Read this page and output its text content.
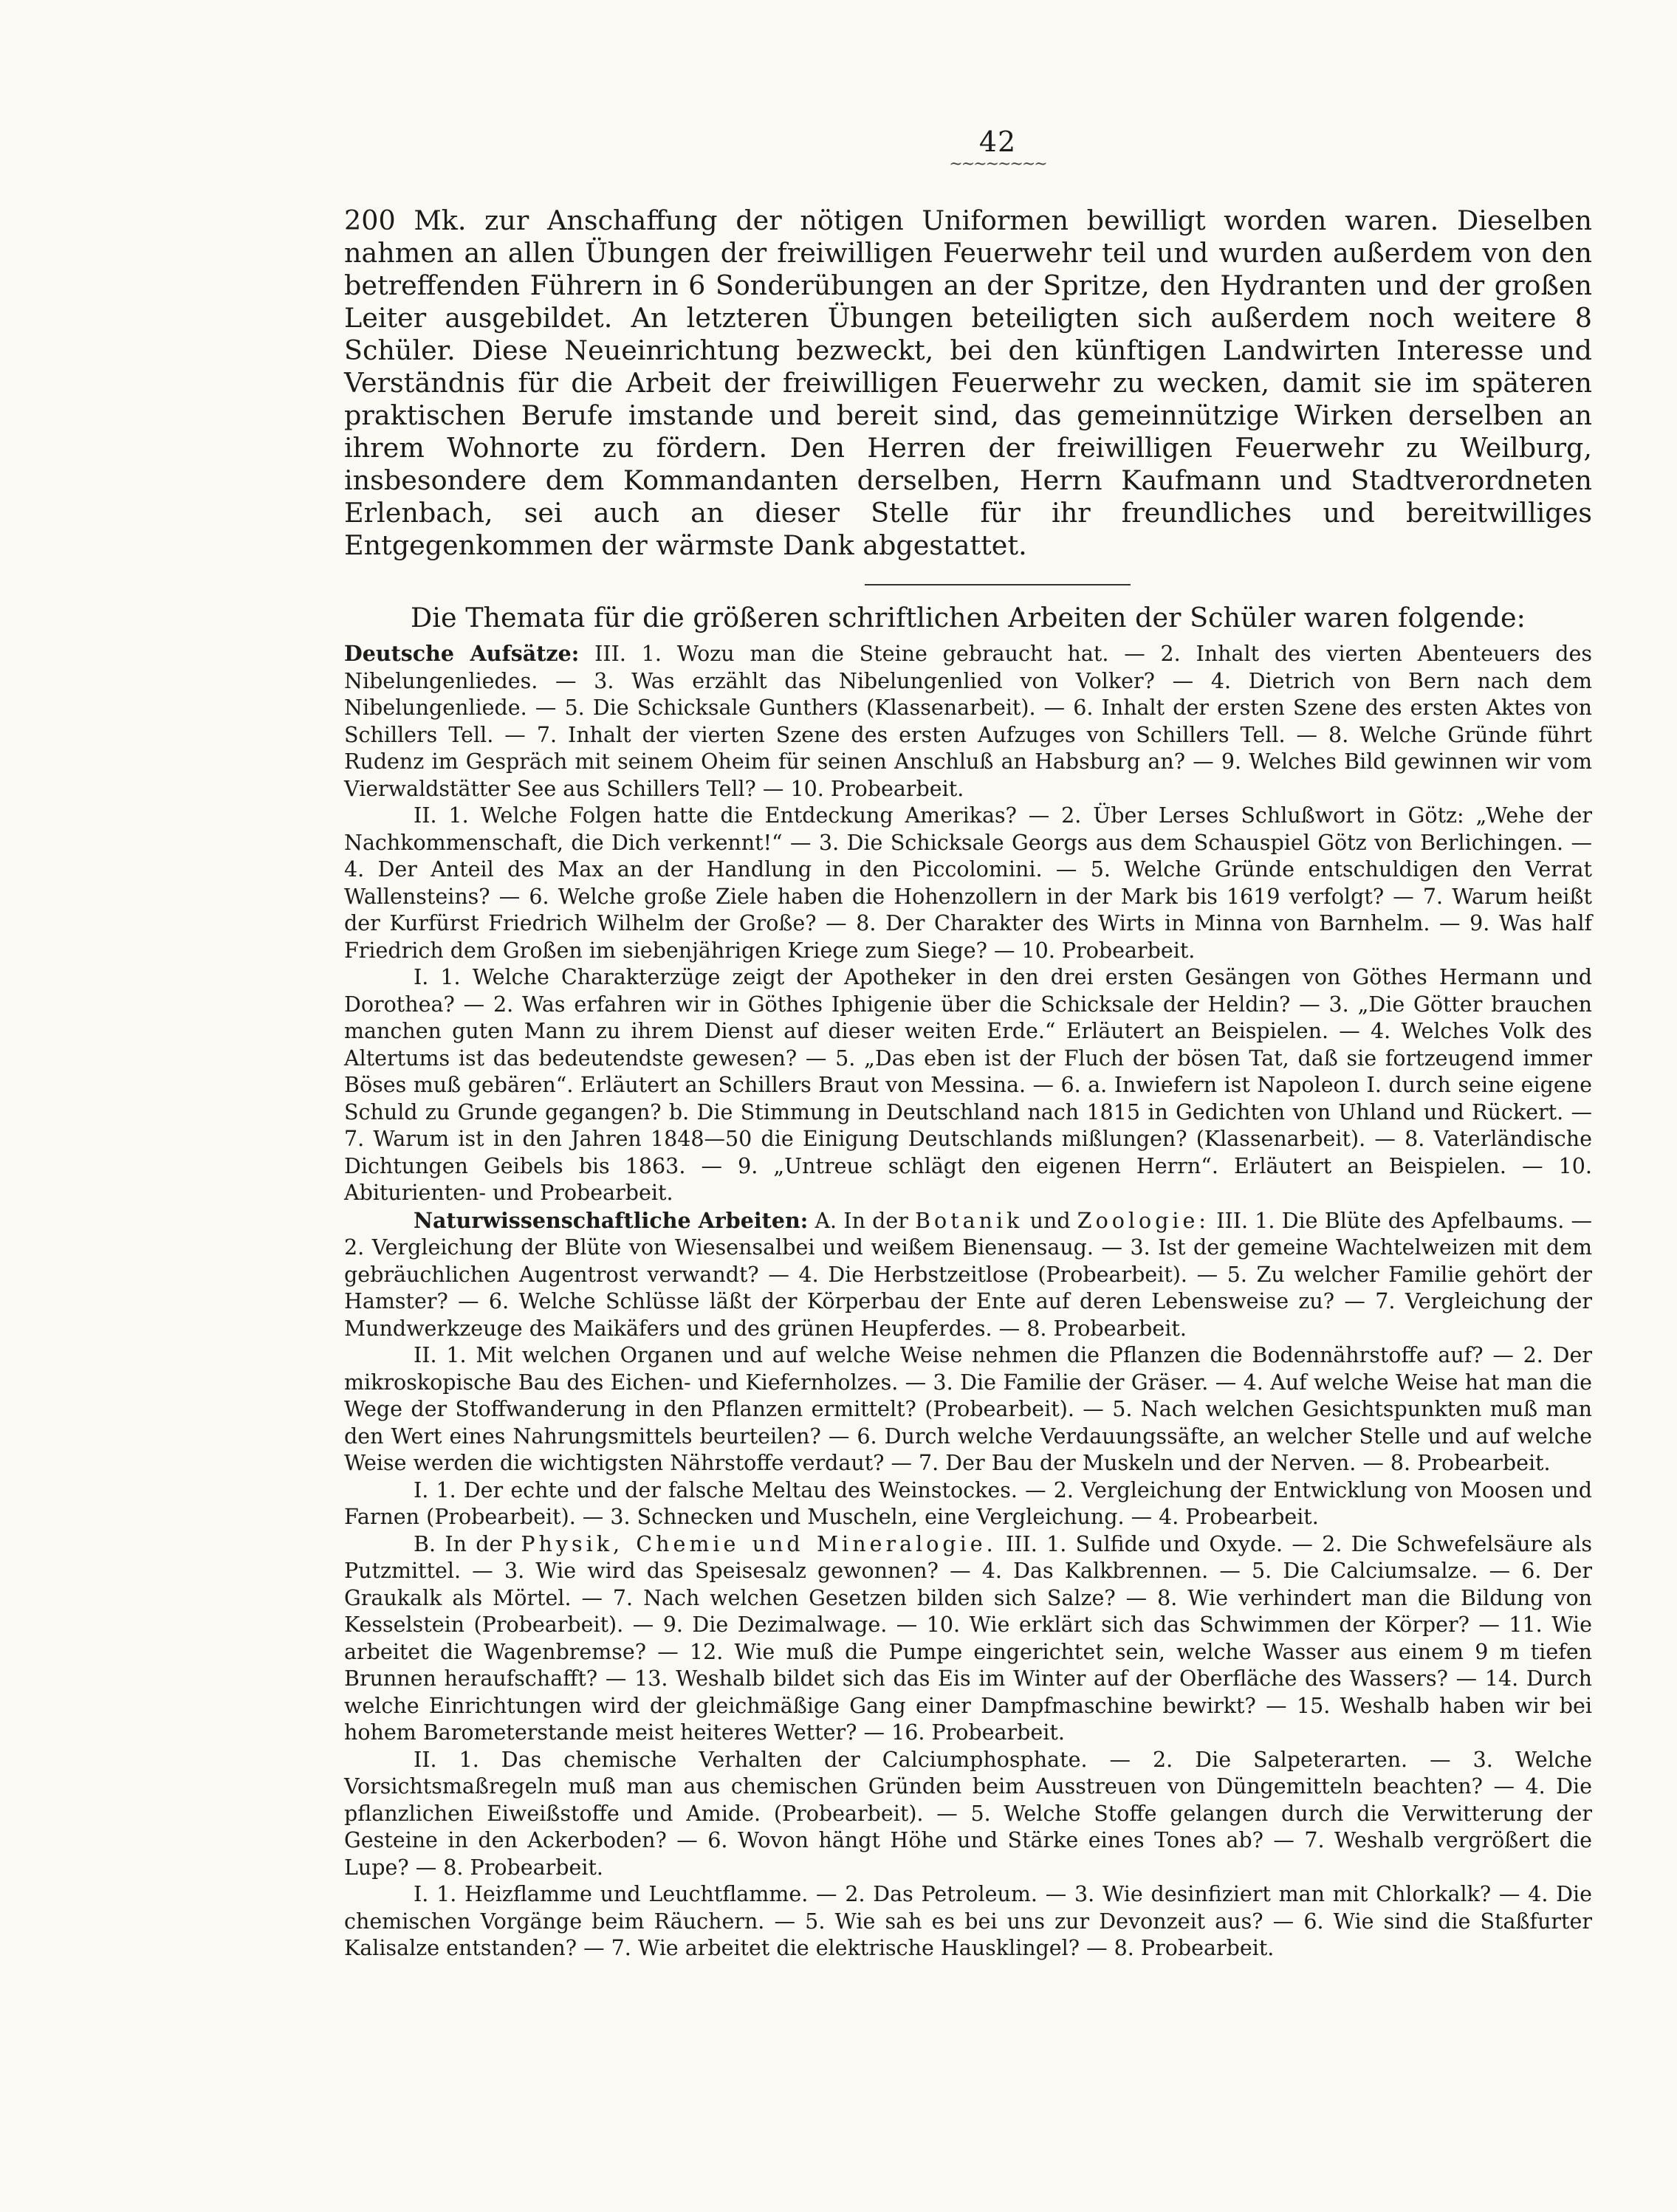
42
~~~~~~~~
200 Mk. zur Anschaffung der nötigen Uniformen bewilligt worden waren. Dieselben nahmen an allen Übungen der freiwilligen Feuerwehr teil und wurden außerdem von den betreffenden Führern in 6 Sonderübungen an der Spritze, den Hydranten und der großen Leiter ausgebildet. An letzteren Übungen beteiligten sich außerdem noch weitere 8 Schüler. Diese Neueinrichtung bezweckt, bei den künftigen Landwirten Interesse und Verständnis für die Arbeit der freiwilligen Feuerwehr zu wecken, damit sie im späteren praktischen Berufe imstande und bereit sind, das gemeinnützige Wirken derselben an ihrem Wohnorte zu fördern. Den Herren der freiwilligen Feuerwehr zu Weilburg, insbesondere dem Kommandanten derselben, Herrn Kaufmann und Stadtverordneten Erlenbach, sei auch an dieser Stelle für ihr freundliches und bereitwilliges Entgegenkommen der wärmste Dank abgestattet.
Die Themata für die größeren schriftlichen Arbeiten der Schüler waren folgende:

Deutsche Aufsätze: III. 1. Wozu man die Steine gebraucht hat. — 2. Inhalt des vierten Abenteuers des Nibelungenliedes. — 3. Was erzählt das Nibelungenlied von Volker? — 4. Dietrich von Bern nach dem Nibelungenliede. — 5. Die Schicksale Gunthers (Klassenarbeit). — 6. Inhalt der ersten Szene des ersten Aktes von Schillers Tell. — 7. Inhalt der vierten Szene des ersten Aufzuges von Schillers Tell. — 8. Welche Gründe führt Rudenz im Gespräch mit seinem Oheim für seinen Anschluß an Habsburg an? — 9. Welches Bild gewinnen wir vom Vierwaldstätter See aus Schillers Tell? — 10. Probearbeit.

II. 1. Welche Folgen hatte die Entdeckung Amerikas? — 2. Über Lerses Schlußwort in Götz: „Wehe der Nachkommenschaft, die Dich verkennt!“ — 3. Die Schicksale Georgs aus dem Schauspiel Götz von Berlichingen. — 4. Der Anteil des Max an der Handlung in den Piccolomini. — 5. Welche Gründe entschuldigen den Verrat Wallensteins? — 6. Welche große Ziele haben die Hohenzollern in der Mark bis 1619 verfolgt? — 7. Warum heißt der Kurfürst Friedrich Wilhelm der Große? — 8. Der Charakter des Wirts in Minna von Barnhelm. — 9. Was half Friedrich dem Großen im siebenjährigen Kriege zum Siege? — 10. Probearbeit.

I. 1. Welche Charakterzüge zeigt der Apotheker in den drei ersten Gesängen von Göthes Hermann und Dorothea? — 2. Was erfahren wir in Göthes Iphigenie über die Schicksale der Heldin? — 3. „Die Götter brauchen manchen guten Mann zu ihrem Dienst auf dieser weiten Erde.“ Erläutert an Beispielen. — 4. Welches Volk des Altertums ist das bedeutendste gewesen? — 5. „Das eben ist der Fluch der bösen Tat, daß sie fortzeugend immer Böses muß gebären“. Erläutert an Schillers Braut von Messina. — 6. a. Inwiefern ist Napoleon I. durch seine eigene Schuld zu Grunde gegangen? b. Die Stimmung in Deutschland nach 1815 in Gedichten von Uhland und Rückert. — 7. Warum ist in den Jahren 1848—50 die Einigung Deutschlands mißlungen? (Klassenarbeit). — 8. Vaterländische Dichtungen Geibels bis 1863. — 9. „Untreue schlägt den eigenen Herrn“. Erläutert an Beispielen. — 10. Abiturienten- und Probearbeit.

Naturwissenschaftliche Arbeiten: A. In der Botanik und Zoologie: III. 1. Die Blüte des Apfelbaums. — 2. Vergleichung der Blüte von Wiesensalbei und weißem Bienensaug. — 3. Ist der gemeine Wachtelweizen mit dem gebräuchlichen Augentrost verwandt? — 4. Die Herbstzeitlose (Probearbeit). — 5. Zu welcher Familie gehört der Hamster? — 6. Welche Schlüsse läßt der Körperbau der Ente auf deren Lebensweise zu? — 7. Vergleichung der Mundwerkzeuge des Maikäfers und des grünen Heupferdes. — 8. Probearbeit.

II. 1. Mit welchen Organen und auf welche Weise nehmen die Pflanzen die Bodennährstoffe auf? — 2. Der mikroskopische Bau des Eichen- und Kiefernholzes. — 3. Die Familie der Gräser. — 4. Auf welche Weise hat man die Wege der Stoffwanderung in den Pflanzen ermittelt? (Probearbeit). — 5. Nach welchen Gesichtspunkten muß man den Wert eines Nahrungsmittels beurteilen? — 6. Durch welche Verdauungssäfte, an welcher Stelle und auf welche Weise werden die wichtigsten Nährstoffe verdaut? — 7. Der Bau der Muskeln und der Nerven. — 8. Probearbeit.

I. 1. Der echte und der falsche Meltau des Weinstockes. — 2. Vergleichung der Entwicklung von Moosen und Farnen (Probearbeit). — 3. Schnecken und Muscheln, eine Vergleichung. — 4. Probearbeit.

B. In der Physik, Chemie und Mineralogie. III. 1. Sulfide und Oxyde. — 2. Die Schwefelsäure als Putzmittel. — 3. Wie wird das Speisesalz gewonnen? — 4. Das Kalkbrennen. — 5. Die Calciumsalze. — 6. Der Graukalk als Mörtel. — 7. Nach welchen Gesetzen bilden sich Salze? — 8. Wie verhindert man die Bildung von Kesselstein (Probearbeit). — 9. Die Dezimalwage. — 10. Wie erklärt sich das Schwimmen der Körper? — 11. Wie arbeitet die Wagenbremse? — 12. Wie muß die Pumpe eingerichtet sein, welche Wasser aus einem 9 m tiefen Brunnen heraufschafft? — 13. Weshalb bildet sich das Eis im Winter auf der Oberfläche des Wassers? — 14. Durch welche Einrichtungen wird der gleichmäßige Gang einer Dampfmaschine bewirkt? — 15. Weshalb haben wir bei hohem Barometerstande meist heiteres Wetter? — 16. Probearbeit.

II. 1. Das chemische Verhalten der Calciumphosphate. — 2. Die Salpeterarten. — 3. Welche Vorsichtsmaßregeln muß man aus chemischen Gründen beim Ausstreuen von Düngemitteln beachten? — 4. Die pflanzlichen Eiweißstoffe und Amide. (Probearbeit). — 5. Welche Stoffe gelangen durch die Verwitterung der Gesteine in den Ackerboden? — 6. Wovon hängt Höhe und Stärke eines Tones ab? — 7. Weshalb vergrößert die Lupe? — 8. Probearbeit.

I. 1. Heizflamme und Leuchtflamme. — 2. Das Petroleum. — 3. Wie desinfiziert man mit Chlorkalk? — 4. Die chemischen Vorgänge beim Räuchern. — 5. Wie sah es bei uns zur Devonzeit aus? — 6. Wie sind die Staßfurter Kalisalze entstanden? — 7. Wie arbeitet die elektrische Hausklingel? — 8. Probearbeit.
